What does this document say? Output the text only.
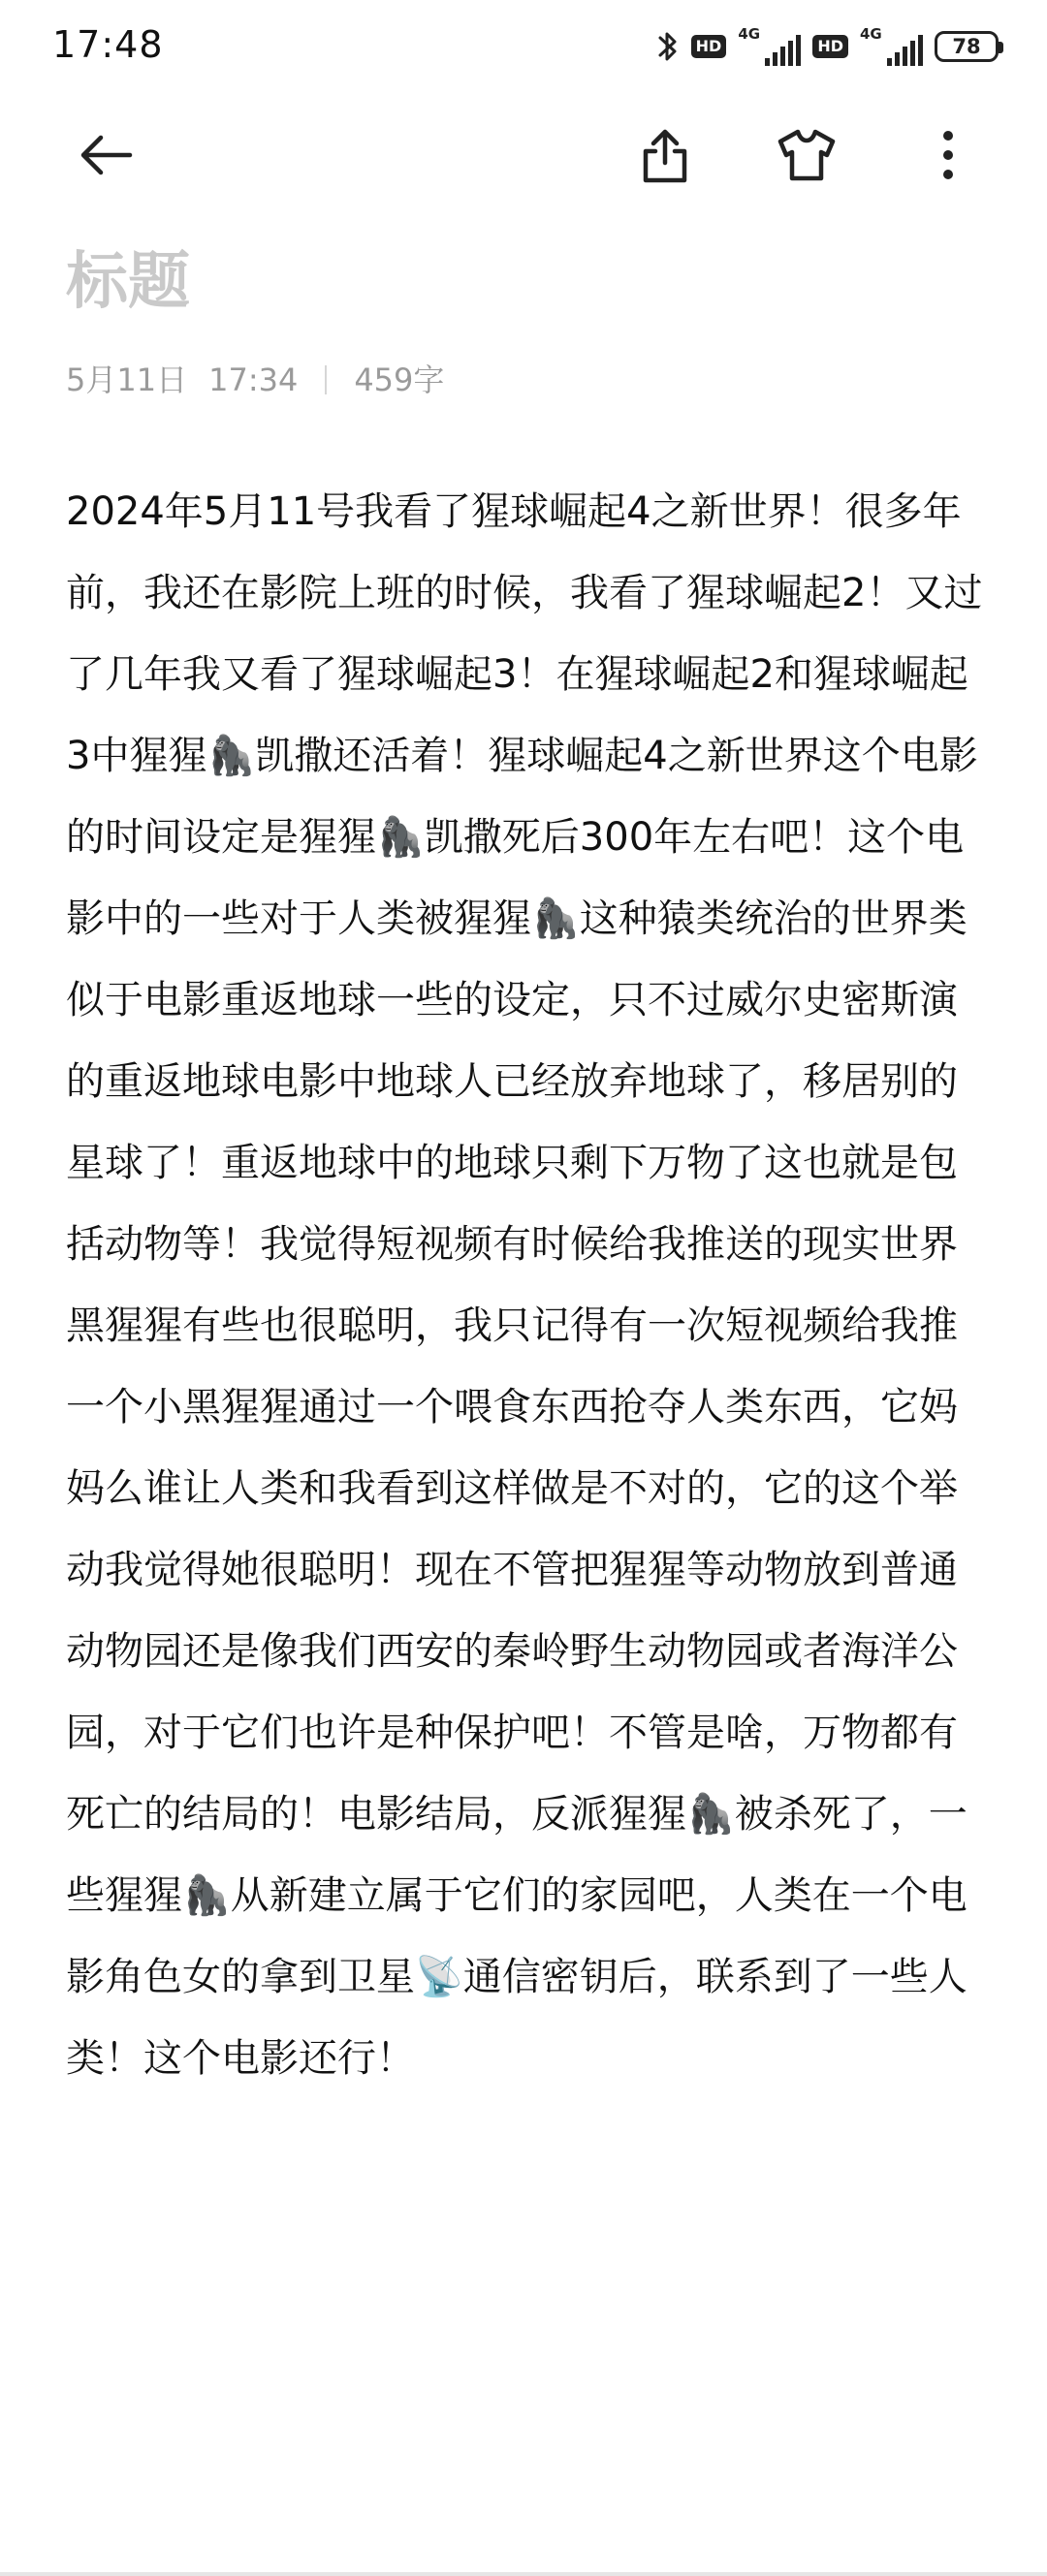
17:48	HD
4G
HD
4G
78
标题
5月11日 17:34 459字

2024年5月11号我看了猩球崛起4之新世界！很多年前，我还在影院上班的时候，我看了猩球崛起2！又过了几年我又看了猩球崛起3！在猩球崛起2和猩球崛起3中猩猩🦍凯撒还活着！猩球崛起4之新世界这个电影的时间设定是猩猩🦍凯撒死后300年左右吧！这个电影中的一些对于人类被猩猩🦍这种猿类统治的世界类似于电影重返地球一些的设定，只不过威尔史密斯演的重返地球电影中地球人已经放弃地球了，移居别的星球了！重返地球中的地球只剩下万物了这也就是包括动物等！我觉得短视频有时候给我推送的现实世界黑猩猩有些也很聪明，我只记得有一次短视频给我推一个小黑猩猩通过一个喂食东西抢夺人类东西，它妈妈么谁让人类和我看到这样做是不对的，它的这个举动我觉得她很聪明！现在不管把猩猩等动物放到普通动物园还是像我们西安的秦岭野生动物园或者海洋公园，对于它们也许是种保护吧！不管是啥，万物都有死亡的结局的！电影结局，反派猩猩🦍被杀死了，一些猩猩🦍从新建立属于它们的家园吧，人类在一个电影角色女的拿到卫星📡通信密钥后，联系到了一些人类！这个电影还行！
